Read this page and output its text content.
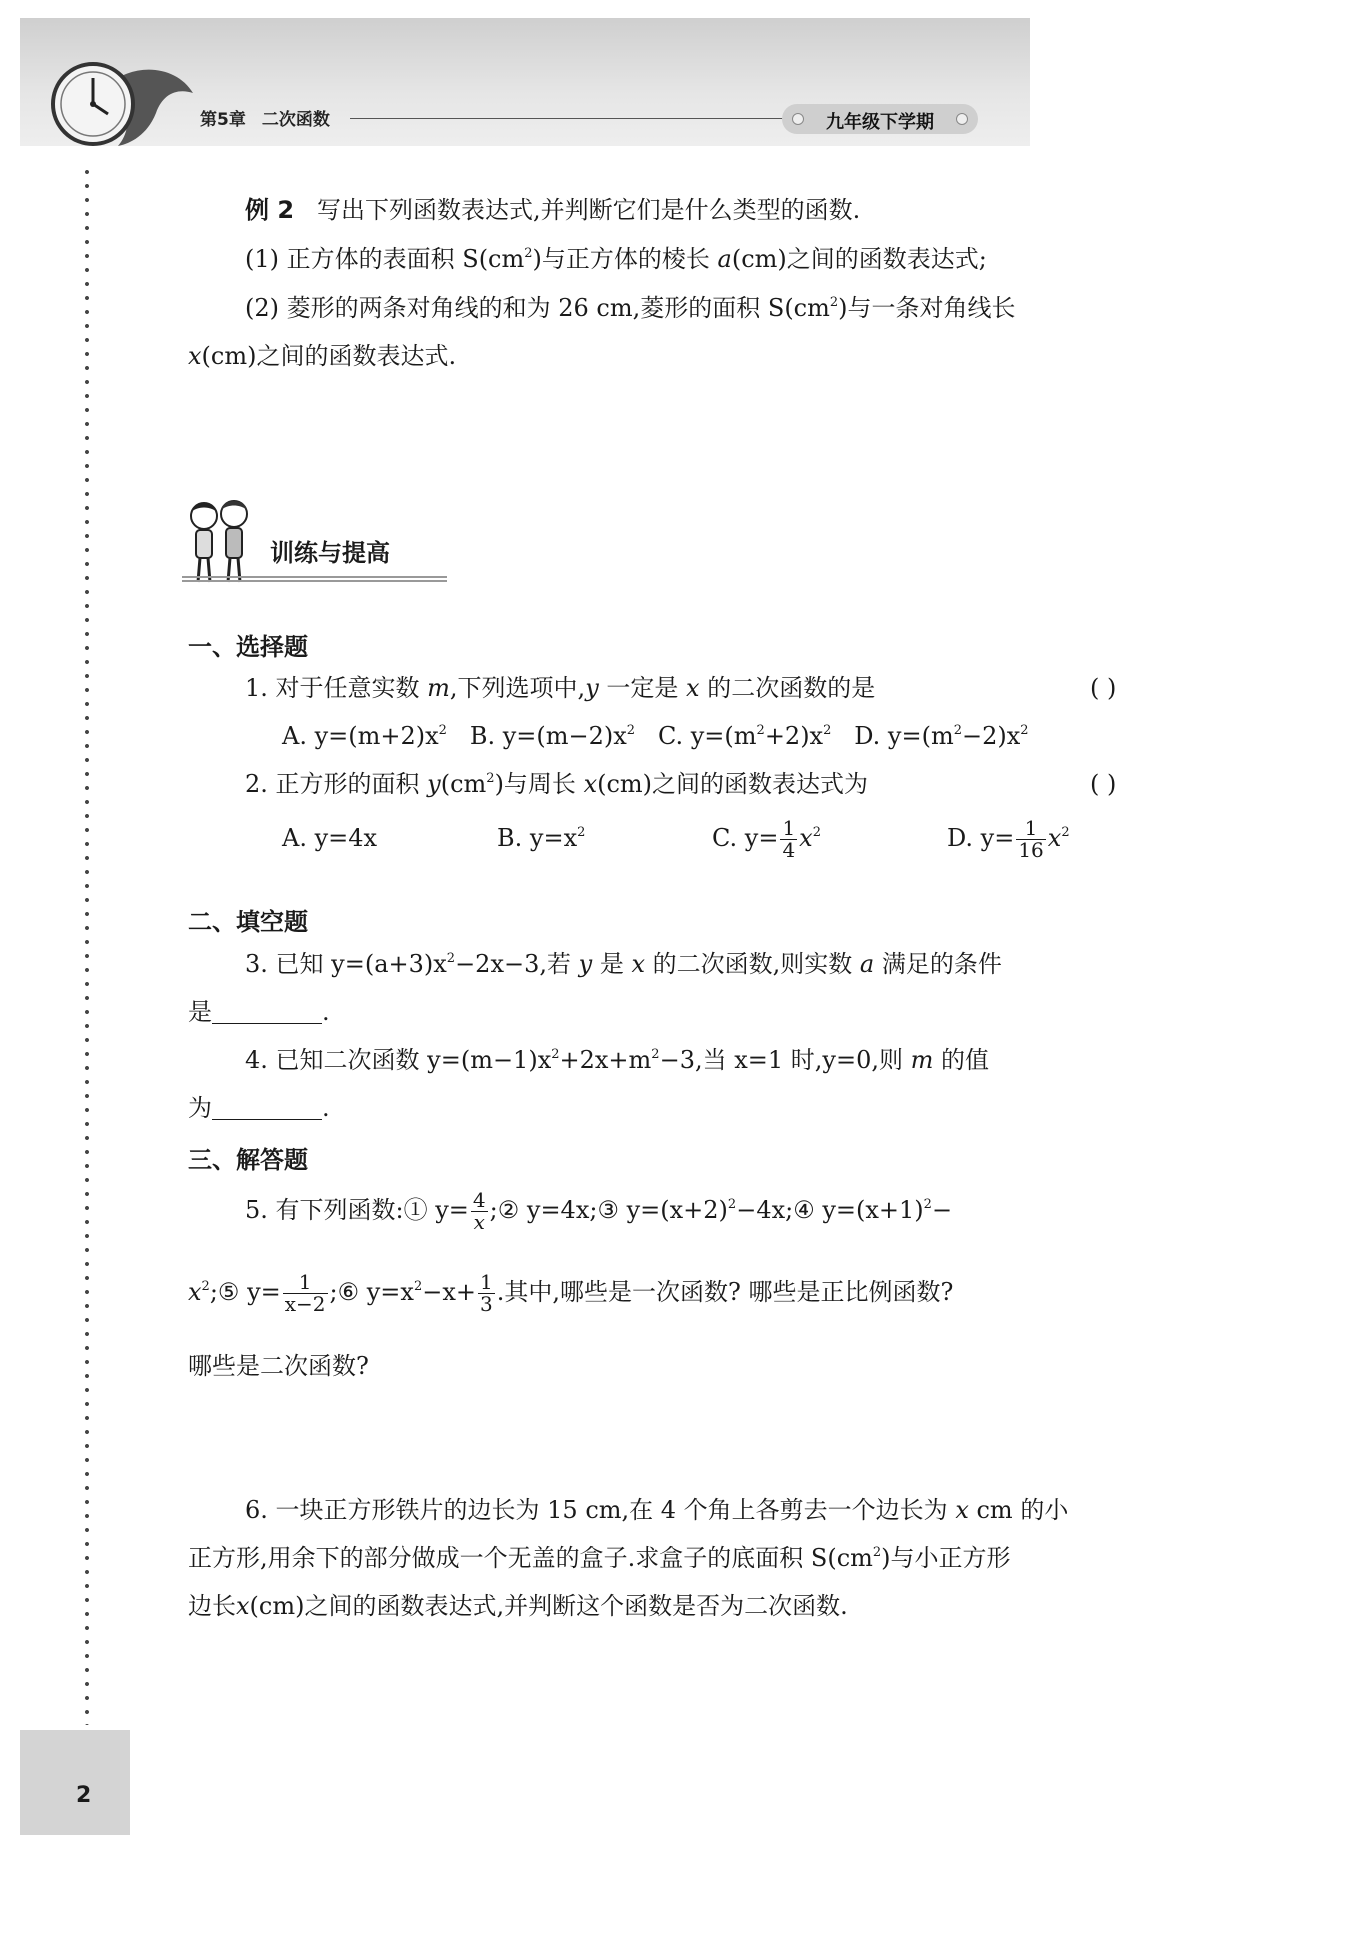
第5章 二次函数	九年级下学期
例 2 写出下列函数表达式,并判断它们是什么类型的函数.
(1) 正方体的表面积 $S(cm^2)$与正方体的棱长 a(cm)之间的函数表达式;
(2) 菱形的两条对角线的和为 26 cm,菱形的面积 $S(cm^2)$与一条对角线长
x(cm)之间的函数表达式.
训练与提高
一、选择题
1. 对于任意实数 m,下列选项中,y 一定是 x 的二次函数的是	( )
A. $y=(m+2)x^2$ B. $y=(m-2)x^2$ C. $y=(m^2+2)x^2$ D. $y=(m^2-2)x^2$
2. 正方形的面积 $y(cm^2)$与周长 x(cm)之间的函数表达式为	( )
A. y=4x	B. $y=x^2$	C. $y= \frac{1}{4} x^2$	D. $y= \frac{1}{16} x^2$
二、填空题
3. 已知 $y=(a+3)x^2-2x-3$,若 y 是 x 的二次函数,则实数 a 满足的条件
是	.
4. 已知二次函数 $y=(m-1)x^2+2x+m^2-3$,当 x=1 时,y=0,则 m 的值
为	.
三、解答题
5. 有下列函数:① $y= \frac{4}{x}$ ;② y=4x;③ $y=(x+2)^2-4x;④$ $y=(x+1)^2-$
$x^2;⑤$ $y= \frac{1}{x-2}$ ;⑥ $y=x^2-x+ \frac{1}{3}$ .其中,哪些是一次函数? 哪些是正比例函数?
哪些是二次函数?
6. 一块正方形铁片的边长为 15 cm,在 4 个角上各剪去一个边长为 x cm 的小
正方形,用余下的部分做成一个无盖的盒子.求盒子的底面积 $S(cm^2)$与小正方形
边长x(cm)之间的函数表达式,并判断这个函数是否为二次函数.
2
